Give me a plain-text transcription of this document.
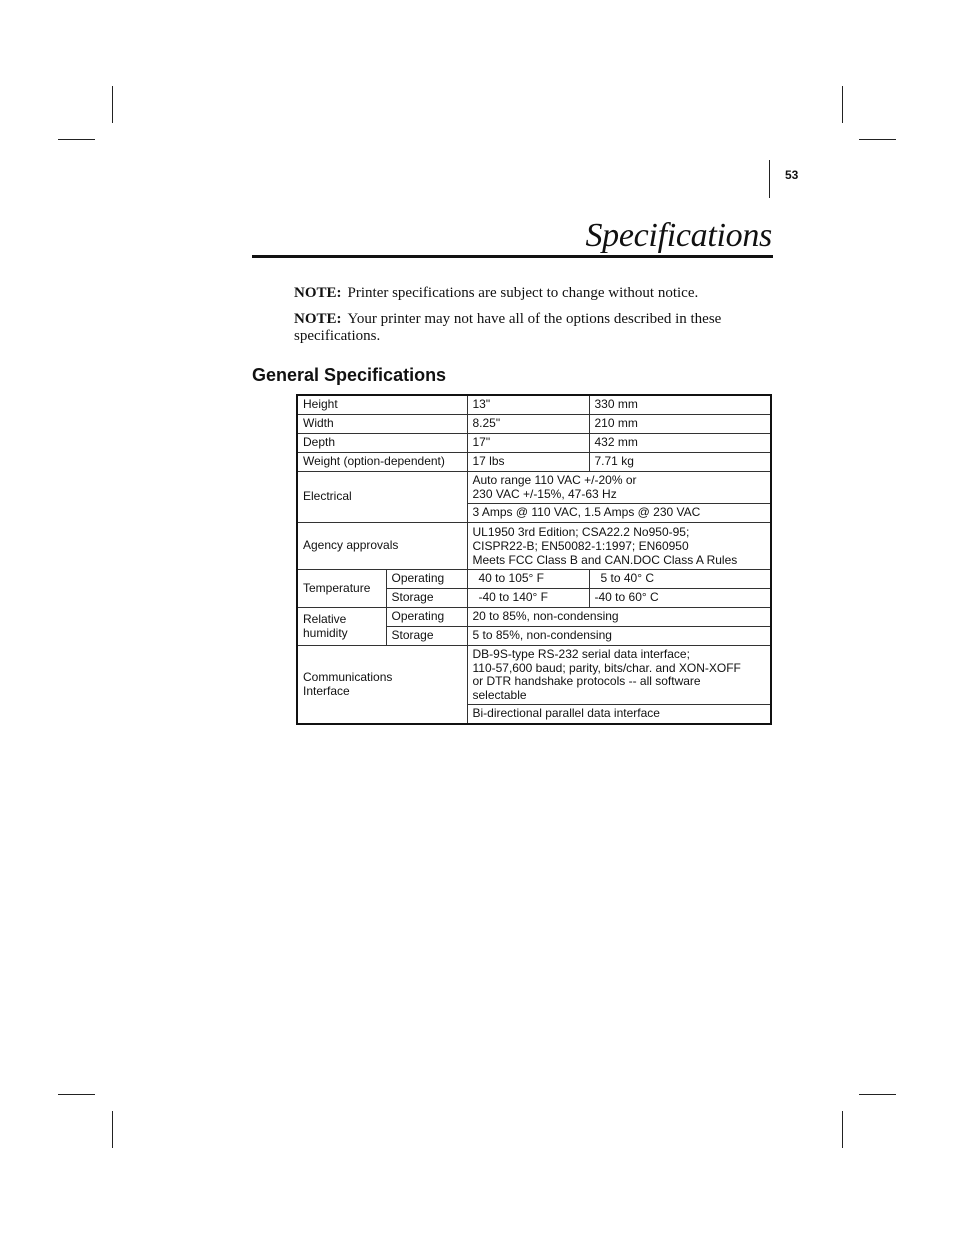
53
Specifications
NOTE: Printer specifications are subject to change without notice.
NOTE: Your printer may not have all of the options described in these specifications.
General Specifications
Height		13"	330 mm
Width		8.25"	210 mm
Depth		17"	432 mm
Weight (option-dependent)		17 lbs	7.71 kg
Electrical		Auto range 110 VAC +/-20% or
230 VAC +/-15%, 47-63 Hz	
		3 Amps @ 110 VAC, 1.5 Amps @ 230 VAC	
Agency approvals		UL1950 3rd Edition; CSA22.2 No950-95;
CISPR22-B; EN50082-1:1997; EN60950
Meets FCC Class B and CAN.DOC Class A Rules	
Temperature	Operating	40 to 105° F	5 to 40° C
	Storage	-40 to 140° F	-40 to 60° C
Relative
humidity	Operating	20 to 85%, non-condensing	
	Storage	5 to 85%, non-condensing	
Communications
Interface		DB-9S-type RS-232 serial data interface;
110-57,600 baud; parity, bits/char. and XON-XOFF
or DTR handshake protocols -- all software
selectable	
		Bi-directional parallel data interface	
